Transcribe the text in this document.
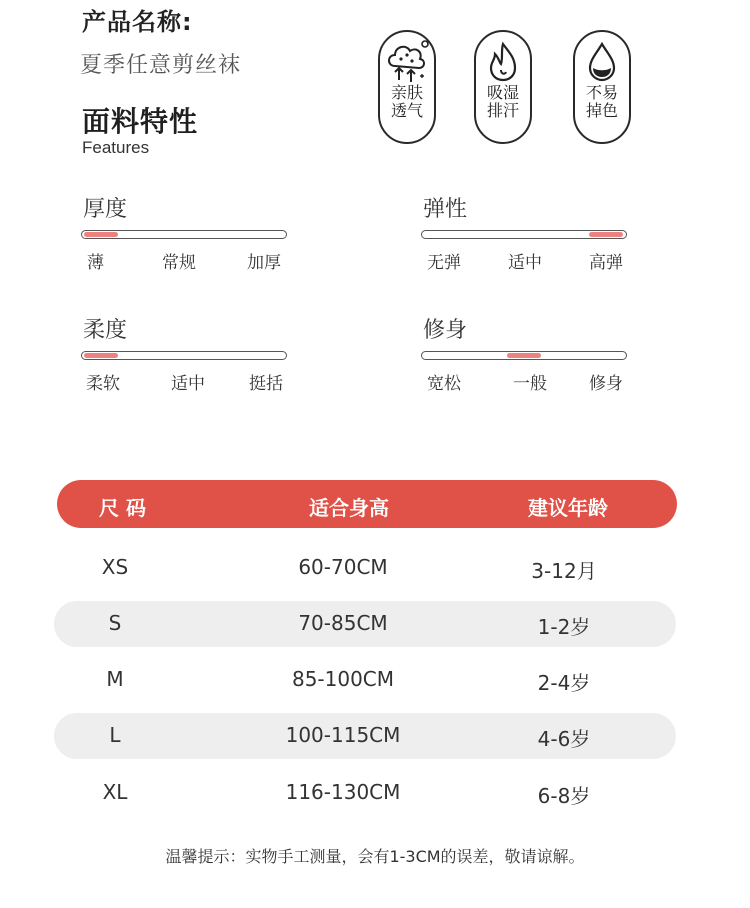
产品名称:
夏季任意剪丝袜
面料特性
Features
亲肤
透气
吸湿
排汗
不易
掉色
厚度
薄	常规	加厚
弹性
无弹	适中	高弹
柔度
柔软	适中	挺括
修身
宽松	一般 修身
尺 码	适合身高	建议年龄
XS	60-70CM	3-12月
S	70-85CM	1-2岁
M	85-100CM	2-4岁
L	100-115CM	4-6岁
XL	116-130CM	6-8岁
温馨提示：实物手工测量，会有1-3CM的误差，敬请谅解。
